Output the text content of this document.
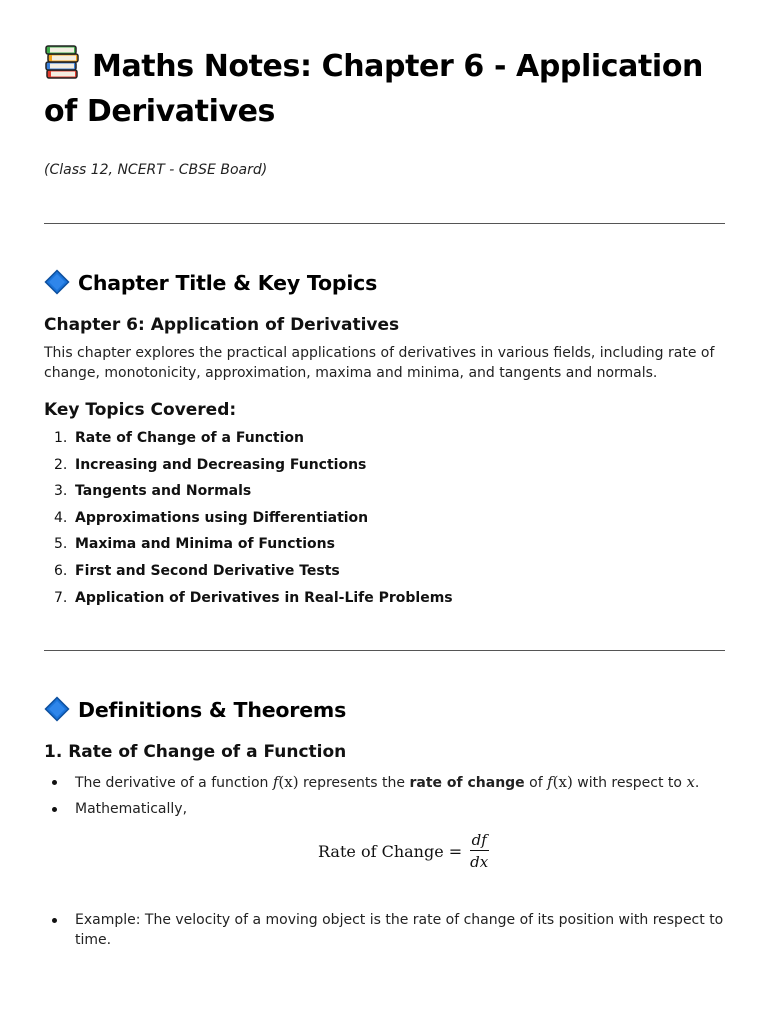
Maths Notes: Chapter 6 - Application of Derivatives

(Class 12, NCERT - CBSE Board)

Chapter Title & Key Topics
Chapter 6: Application of Derivatives

This chapter explores the practical applications of derivatives in various fields, including rate of change, monotonicity, approximation, maxima and minima, and tangents and normals.

Key Topics Covered:
1. Rate of Change of a Function
2. Increasing and Decreasing Functions
3. Tangents and Normals
4. Approximations using Differentiation
5. Maxima and Minima of Functions
6. First and Second Derivative Tests
7. Application of Derivatives in Real-Life Problems
Definitions & Theorems
1. Rate of Change of a Function
The derivative of a function f(x) represents the rate of change of f(x) with respect to x.
Mathematically,
Rate of Change = $\frac{df}{dx}$
Example: The velocity of a moving object is the rate of change of its position with respect to time.
